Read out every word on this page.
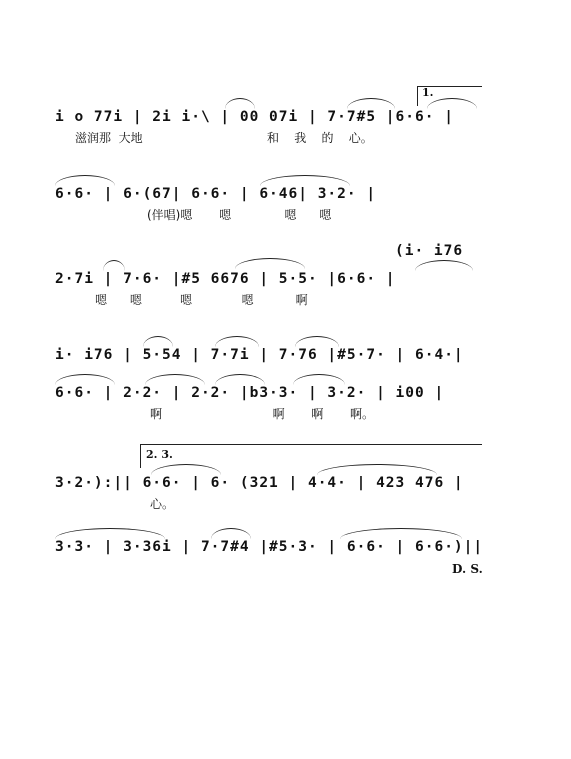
1.
i o 77i | 2i i·\ | 00 07i | 7·7#5 |6·6· |
滋润那  大地	和    我    的    心。
6·6· | 6·(67| 6·6· | 6·46| 3·2· |
(伴唱)嗯       嗯              嗯      嗯
(i· i76
2·7i | 7·6· |#5 6676 | 5·5· |6·6· |
嗯      嗯          嗯             嗯           啊
i· i76 | 5·54 | 7·7i | 7·76 |#5·7· | 6·4·|
6·6· | 2·2· | 2·2· |b3·3· | 3·2· | i00 |
啊                             啊       啊       啊。
2. 3.
3·2·):|| 6·6· | 6· (321 | 4·4· | 423 476 |
心。
3·3· | 3·36i | 7·7#4 |#5·3· | 6·6· | 6·6·)||
D. S.
